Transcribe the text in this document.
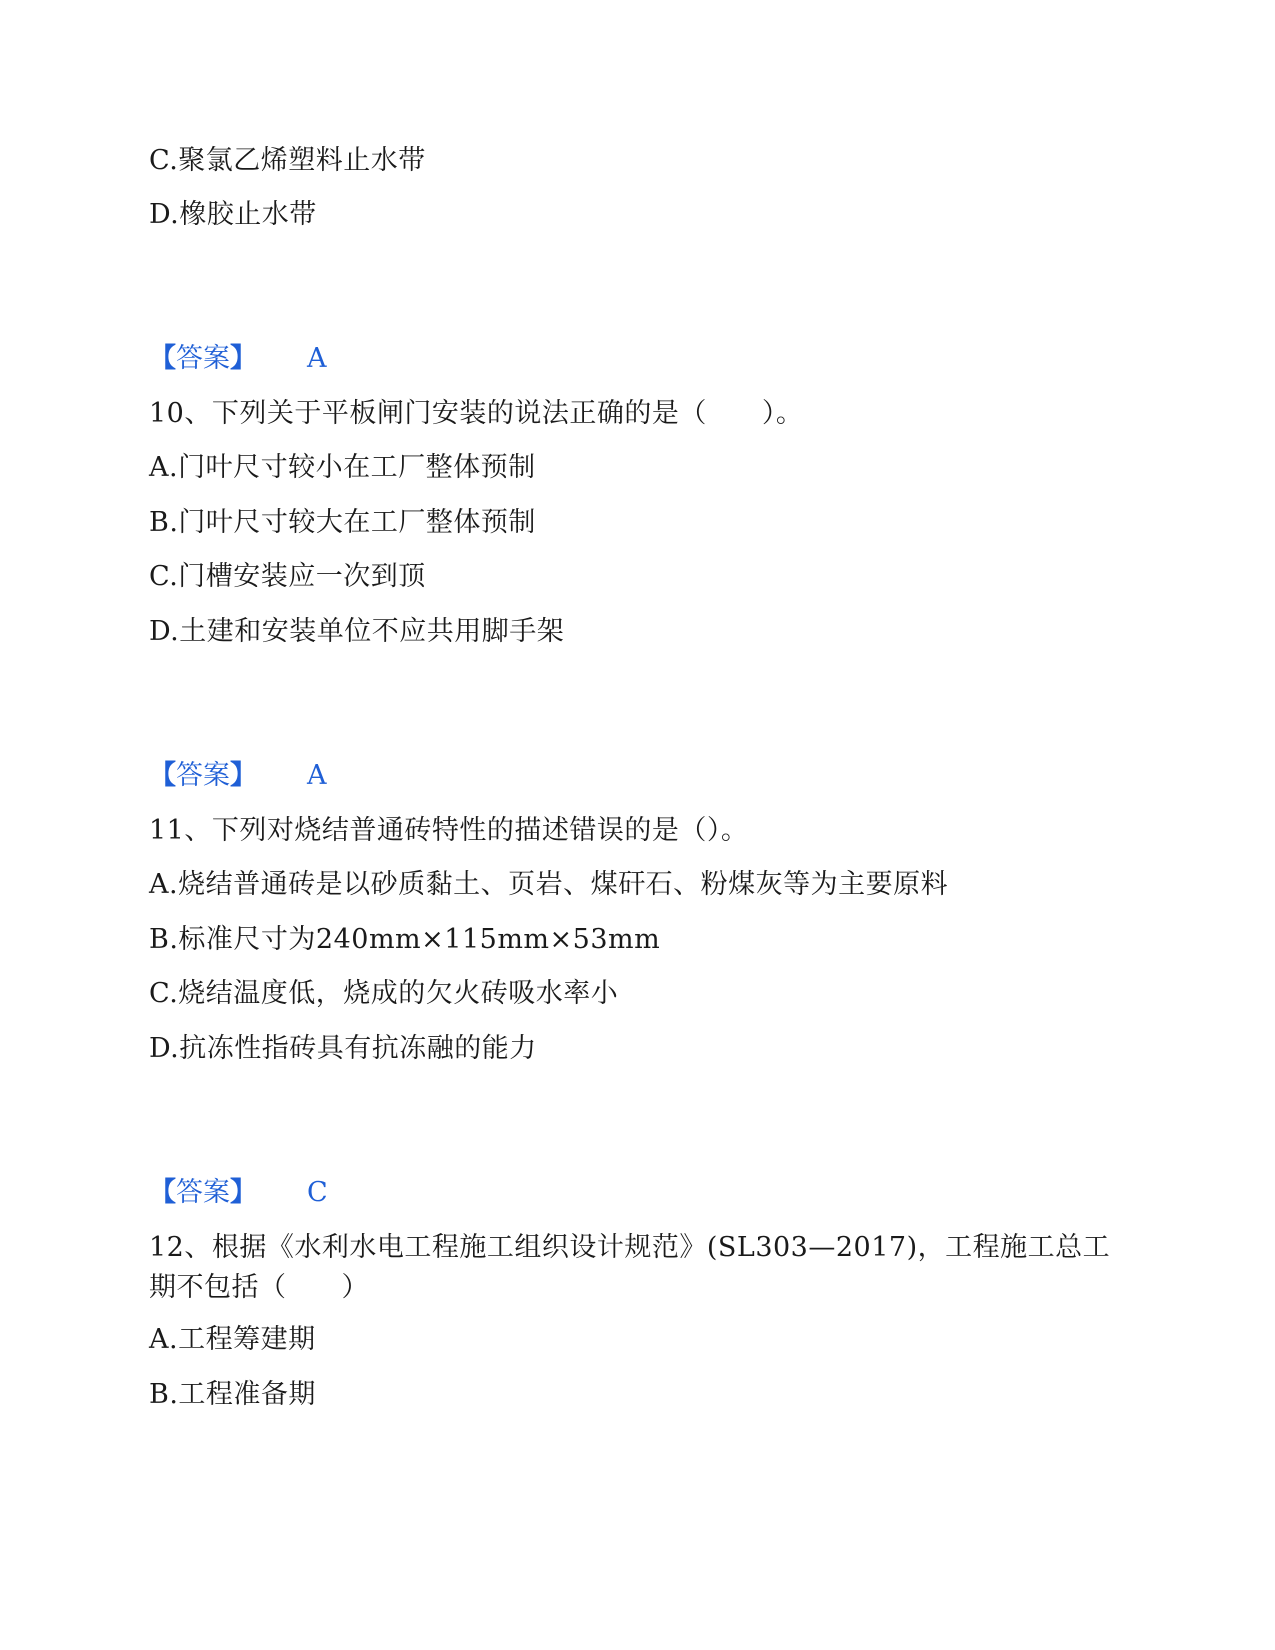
C.聚氯乙烯塑料止水带
D.橡胶止水带
【答案】 A
10、下列关于平板闸门安装的说法正确的是（　　）。
A.门叶尺寸较小在工厂整体预制
B.门叶尺寸较大在工厂整体预制
C.门槽安装应一次到顶
D.土建和安装单位不应共用脚手架
【答案】 A
11、下列对烧结普通砖特性的描述错误的是（）。
A.烧结普通砖是以砂质黏土、页岩、煤矸石、粉煤灰等为主要原料
B.标准尺寸为240mm×115mm×53mm
C.烧结温度低，烧成的欠火砖吸水率小
D.抗冻性指砖具有抗冻融的能力
【答案】 C
12、根据《水利水电工程施工组织设计规范》(SL303—2017)，工程施工总工期不包括（　　）
A.工程筹建期
B.工程准备期
